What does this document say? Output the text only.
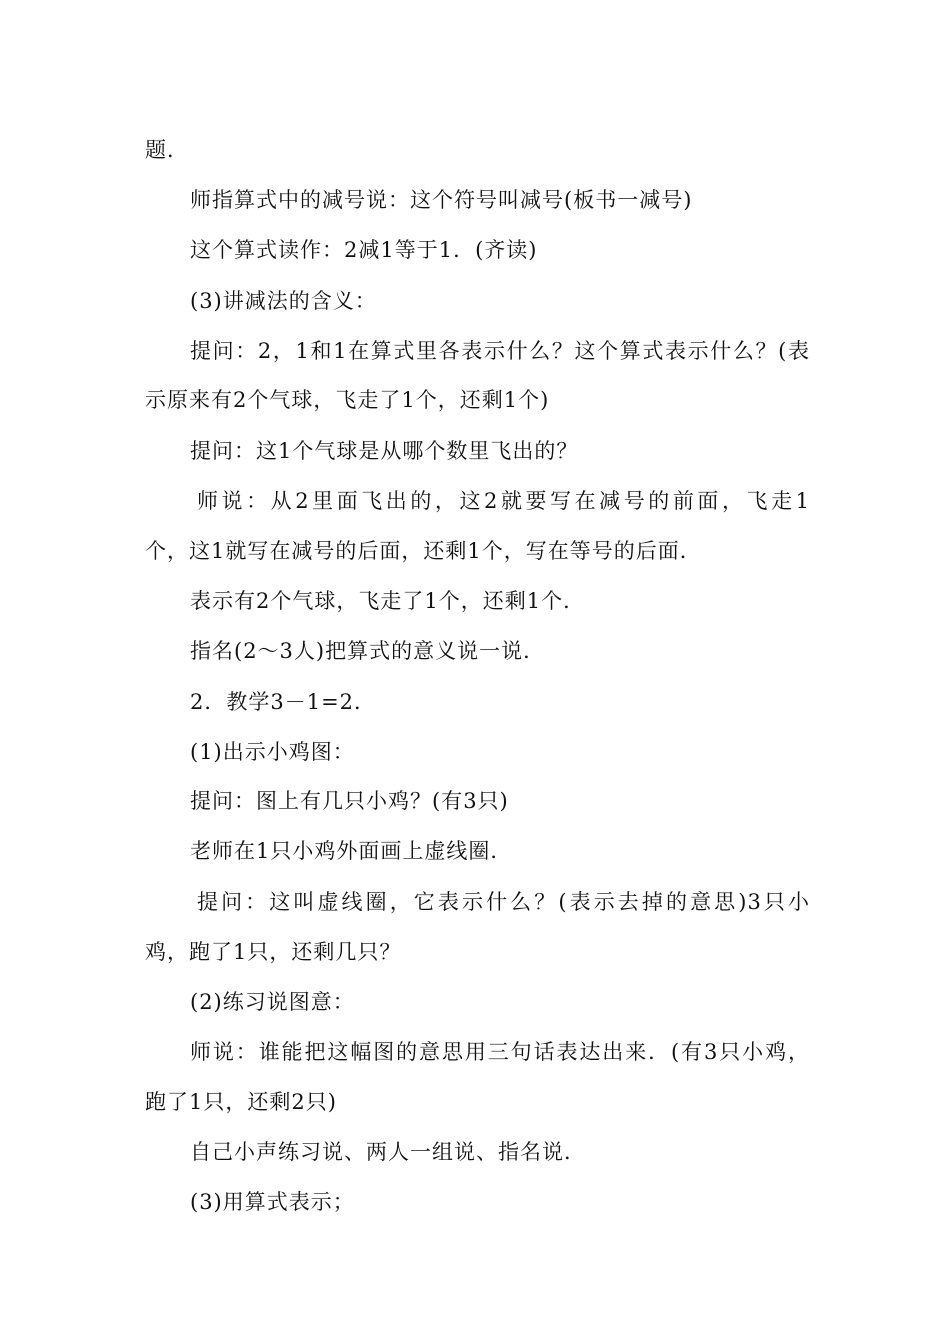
题．
师指算式中的减号说：这个符号叫减号(板书一减号)
这个算式读作：2减1等于1．(齐读)
(3)讲减法的含义：
提问：2，1和1在算式里各表示什么？这个算式表示什么？(表
示原来有2个气球，飞走了1个，还剩1个)
提问：这1个气球是从哪个数里飞出的？
师说：从2里面飞出的，这2就要写在减号的前面，飞走1
个，这1就写在减号的后面，还剩1个，写在等号的后面．
表示有2个气球，飞走了1个，还剩1个．
指名(2～3人)把算式的意义说一说．
2．教学3－1=2．
(1)出示小鸡图：
提问：图上有几只小鸡？(有3只)
老师在1只小鸡外面画上虚线圈．
提问：这叫虚线圈，它表示什么？(表示去掉的意思)3只小
鸡，跑了1只，还剩几只？
(2)练习说图意：
师说：谁能把这幅图的意思用三句话表达出来．(有3只小鸡，
跑了1只，还剩2只)
自己小声练习说、两人一组说、指名说．
(3)用算式表示；
